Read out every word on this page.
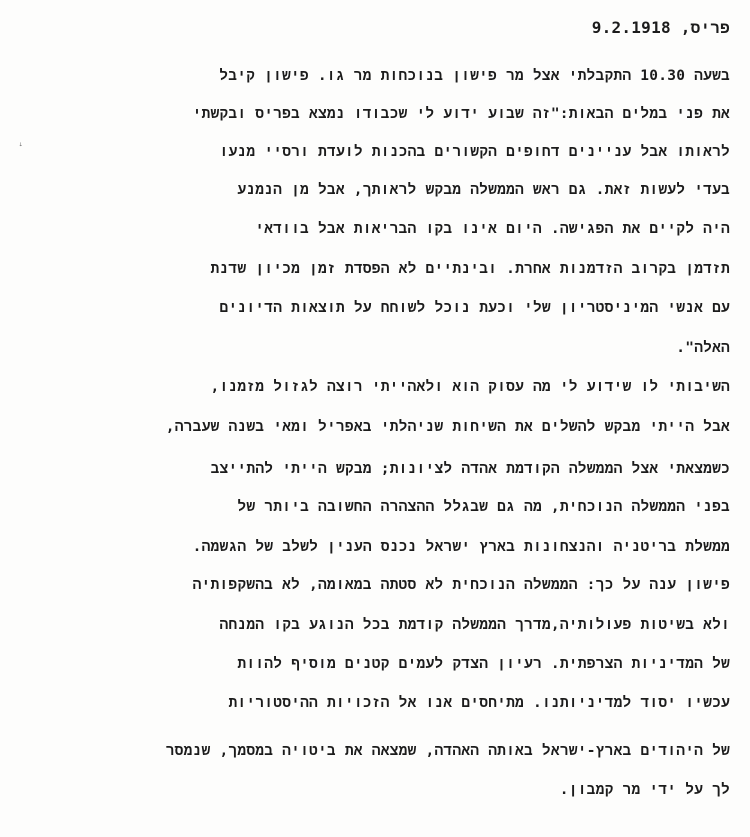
ꜜ
פריס, 9.2.1918
בשעה 10.30 התקבלתי אצל מר פישון בנוכחות מר גו. פישון קיבל
את פני במלים הבאות:"זה שבוע ידוע לי שכבודו נמצא בפריס ובקשתי
לראותו אבל עניינים דחופים הקשורים בהכנות לועדת ורסיי מנעו
בעדי לעשות זאת. גם ראש הממשלה מבקש לראותך, אבל מן הנמנע
היה לקיים את הפגישה. היום אינו בקו הבריאות אבל בוודאי
תזדמן בקרוב הזדמנות אחרת. ובינתיים לא הפסדת זמן מכיון שדנת
עם אנשי המיניסטריון שלי וכעת נוכל לשוחח על תוצאות הדיונים
האלה".
השיבותי לו שידוע לי מה עסוק הוא ולאהייתי רוצה לגזול מזמנו,
אבל הייתי מבקש להשלים את השיחות שניהלתי באפריל ומאי בשנה שעברה,
כשמצאתי אצל הממשלה הקודמת אהדה לציונות; מבקש הייתי להתייצב
בפני הממשלה הנוכחית, מה גם שבגלל ההצהרה החשובה ביותר של
ממשלת בריטניה והנצחונות בארץ ישראל נכנס הענין לשלב של הגשמה.
פישון ענה על כך: הממשלה הנוכחית לא סטתה במאומה, לא בהשקפותיה
ולא בשיטות פעולותיה,מדרך הממשלה קודמת בכל הנוגע בקו המנחה
של המדיניות הצרפתית. רעיון הצדק לעמים קטנים מוסיף להוות
עכשיו יסוד למדיניותנו. מתיחסים אנו אל הזכויות ההיסטוריות
של היהודים בארץ-ישראל באותה האהדה, שמצאה את ביטויה במסמך, שנמסר
לך על ידי מר קמבון.
